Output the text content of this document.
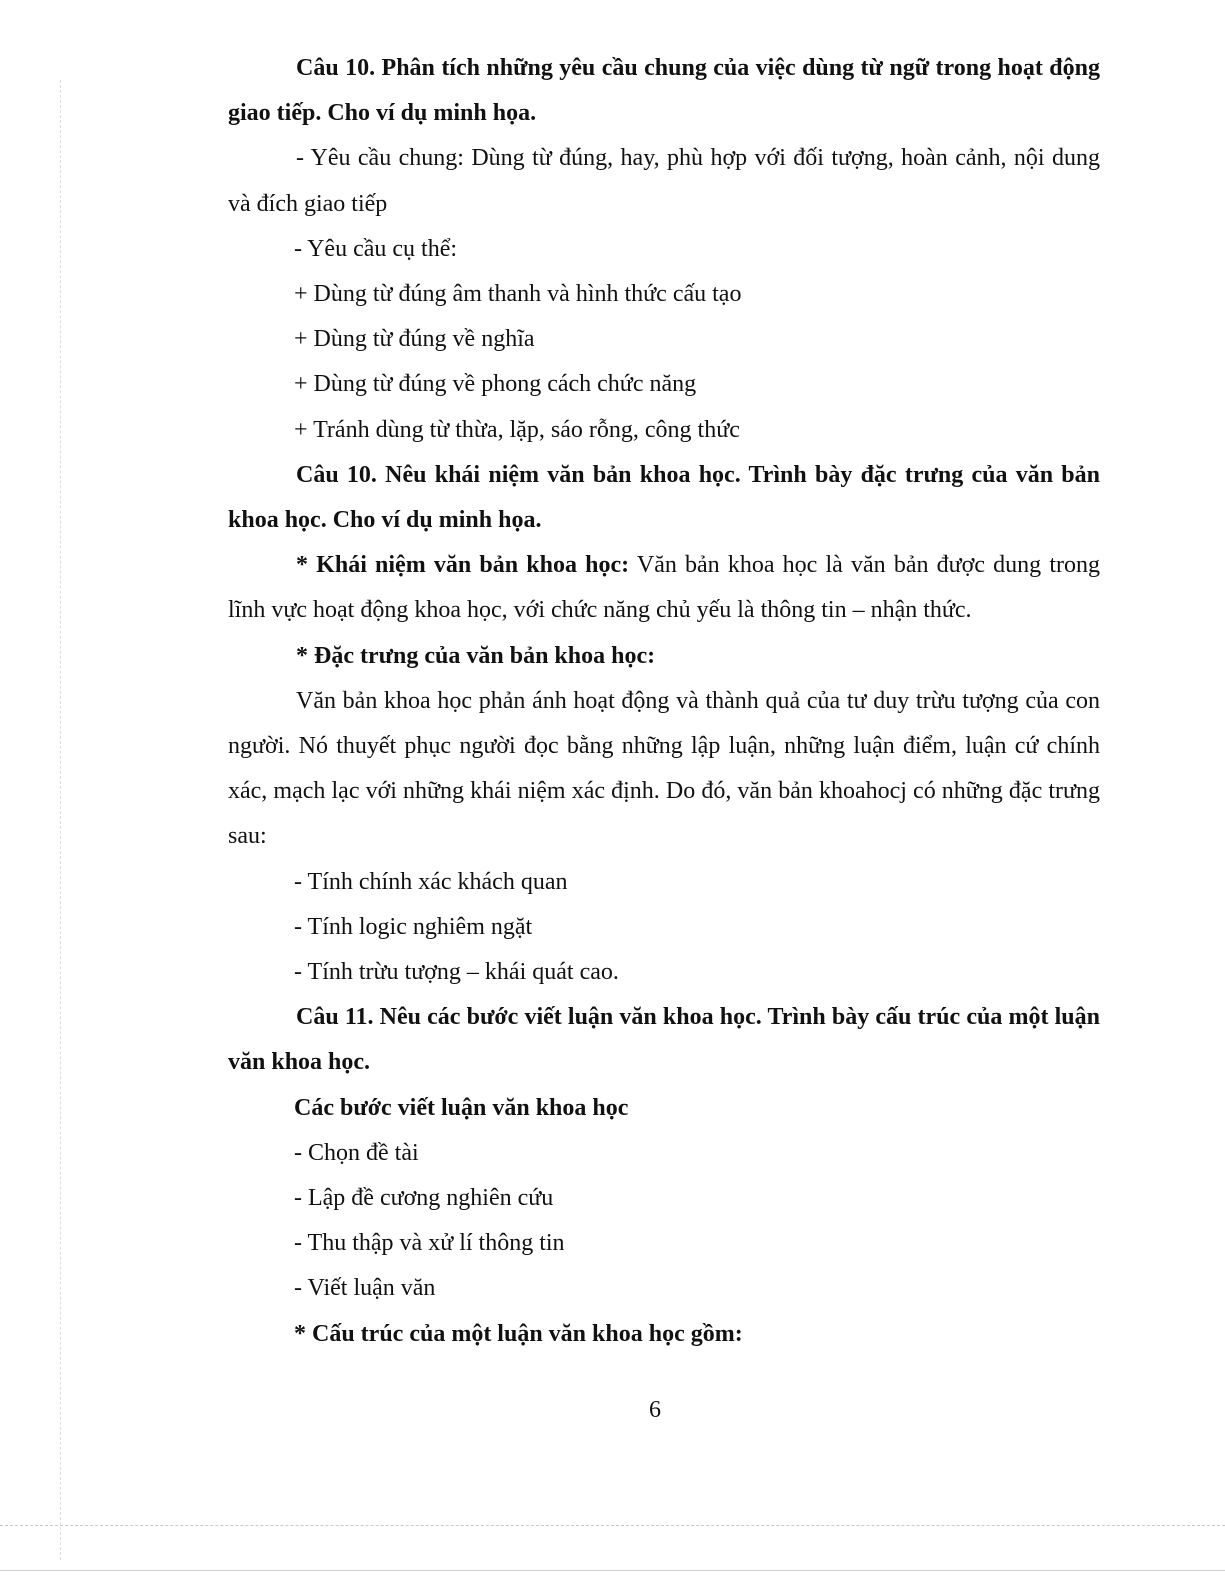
Câu 10. Phân tích những yêu cầu chung của việc dùng từ ngữ trong hoạt động giao tiếp. Cho ví dụ minh họa.

- Yêu cầu chung: Dùng từ đúng, hay, phù hợp với đối tượng, hoàn cảnh, nội dung và đích giao tiếp

- Yêu cầu cụ thể:

+ Dùng từ đúng âm thanh và hình thức cấu tạo

+ Dùng từ đúng về nghĩa

+ Dùng từ đúng về phong cách chức năng

+ Tránh dùng từ thừa, lặp, sáo rỗng, công thức

Câu 10. Nêu khái niệm văn bản khoa học. Trình bày đặc trưng của văn bản khoa học. Cho ví dụ minh họa.

* Khái niệm văn bản khoa học: Văn bản khoa học là văn bản được dung trong lĩnh vực hoạt động khoa học, với chức năng chủ yếu là thông tin – nhận thức.

* Đặc trưng của văn bản khoa học:

Văn bản khoa học phản ánh hoạt động và thành quả của tư duy trừu tượng của con người. Nó thuyết phục người đọc bằng những lập luận, những luận điểm, luận cứ chính xác, mạch lạc với những khái niệm xác định. Do đó, văn bản khoahocj có những đặc trưng sau:

- Tính chính xác khách quan

- Tính logic nghiêm ngặt

- Tính trừu tượng – khái quát cao.

Câu 11. Nêu các bước viết luận văn khoa học. Trình bày cấu trúc của một luận văn khoa học.

Các bước viết luận văn khoa học

- Chọn đề tài

- Lập đề cương nghiên cứu

- Thu thập và xử lí thông tin

- Viết luận văn

* Cấu trúc của một luận văn khoa học gồm:

6
